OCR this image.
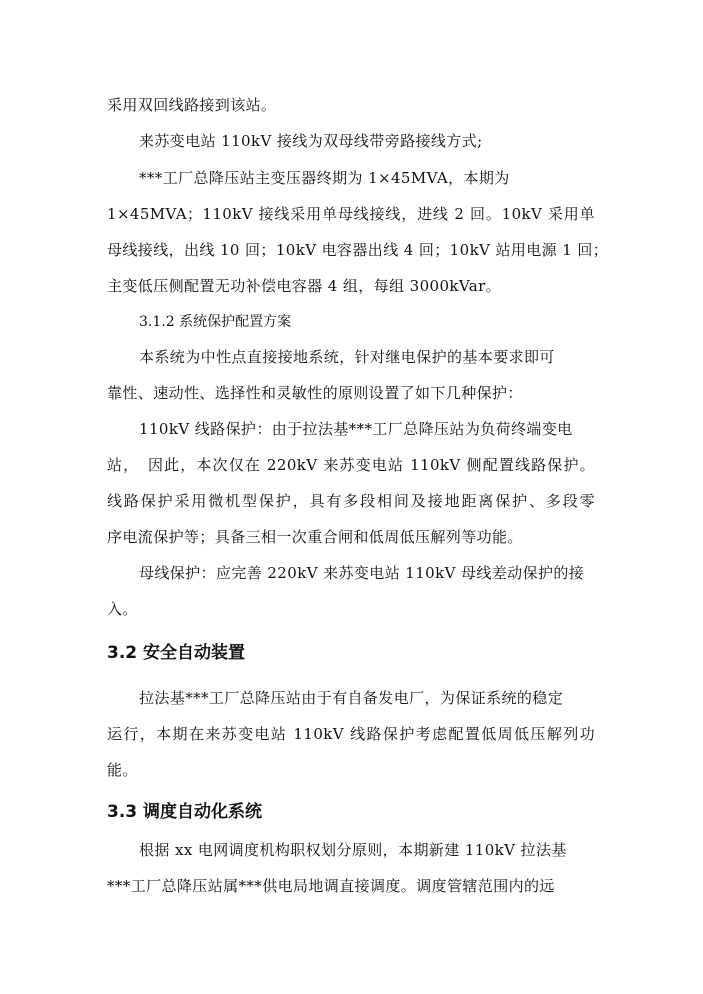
采用双回线路接到该站。
来苏变电站 110kV 接线为双母线带旁路接线方式;
***工厂总降压站主变压器终期为 1×45MVA，本期为
1×45MVA；110kV 接线采用单母线接线，进线 2 回。10kV 采用单
母线接线，出线 10 回；10kV 电容器出线 4 回；10kV 站用电源 1 回；
主变低压侧配置无功补偿电容器 4 组，每组 3000kVar。
3.1.2 系统保护配置方案
本系统为中性点直接接地系统，针对继电保护的基本要求即可
靠性、速动性、选择性和灵敏性的原则设置了如下几种保护：
110kV 线路保护：由于拉法基***工厂总降压站为负荷终端变电
站，　因此，本次仅在 220kV 来苏变电站 110kV 侧配置线路保护。
线路保护采用微机型保护，具有多段相间及接地距离保护、多段零
序电流保护等；具备三相一次重合闸和低周低压解列等功能。
母线保护：应完善 220kV 来苏变电站 110kV 母线差动保护的接
入。
3.2 安全自动装置
拉法基***工厂总降压站由于有自备发电厂，为保证系统的稳定
运行，本期在来苏变电站 110kV 线路保护考虑配置低周低压解列功
能。
3.3 调度自动化系统
根据 xx 电网调度机构职权划分原则，本期新建 110kV 拉法基
***工厂总降压站属***供电局地调直接调度。调度管辖范围内的远
